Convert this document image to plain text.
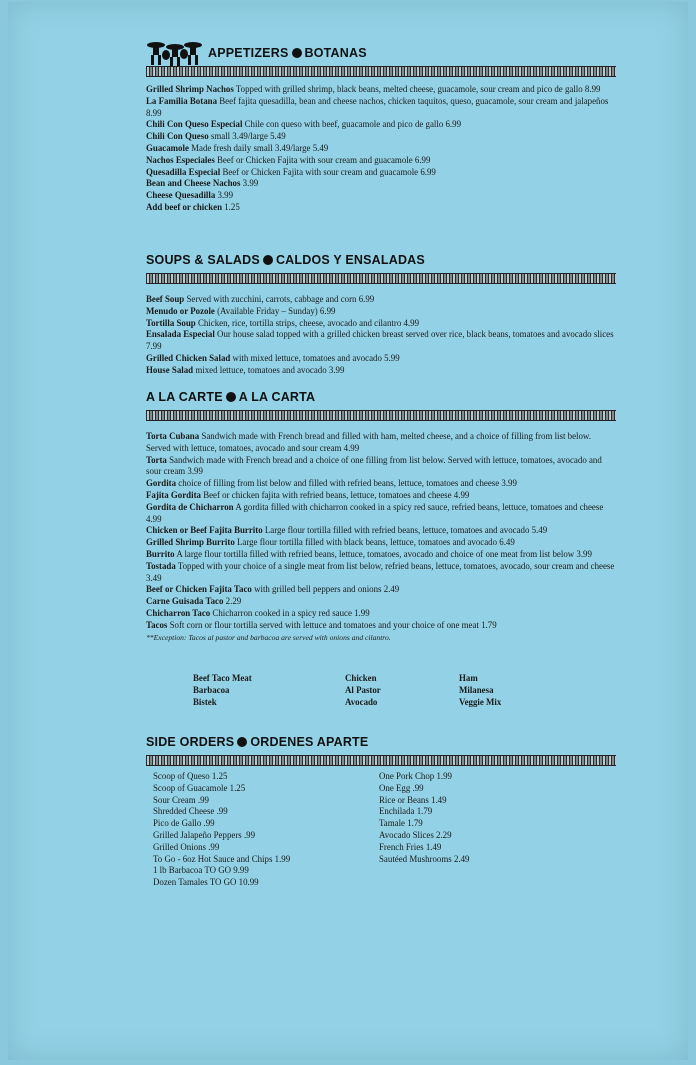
APPETIZERS BOTANAS

Grilled Shrimp Nachos Topped with grilled shrimp, black beans, melted cheese, guacamole, sour cream and pico de gallo 8.99

La Familia Botana Beef fajita quesadilla, bean and cheese nachos, chicken taquitos, queso, guacamole, sour cream and jalapeños 8.99

Chili Con Queso Especial Chile con queso with beef, guacamole and pico de gallo 6.99

Chili Con Queso small 3.49/large 5.49

Guacamole Made fresh daily small 3.49/large 5.49

Nachos Especiales Beef or Chicken Fajita with sour cream and guacamole 6.99

Quesadilla Especial Beef or Chicken Fajita with sour cream and guacamole 6.99

Bean and Cheese Nachos 3.99

Cheese Quesadilla 3.99

Add beef or chicken 1.25

SOUPS & SALADS CALDOS Y ENSALADAS

Beef Soup Served with zucchini, carrots, cabbage and corn 6.99

Menudo or Pozole (Available Friday – Sunday) 6.99

Tortilla Soup Chicken, rice, tortilla strips, cheese, avocado and cilantro 4.99

Ensalada Especial Our house salad topped with a grilled chicken breast served over rice, black beans, tomatoes and avocado slices 7.99

Grilled Chicken Salad with mixed lettuce, tomatoes and avocado 5.99

House Salad mixed lettuce, tomatoes and avocado 3.99

A LA CARTE A LA CARTA

Torta Cubana Sandwich made with French bread and filled with ham, melted cheese, and a choice of filling from list below. Served with lettuce, tomatoes, avocado and sour cream 4.99

Torta Sandwich made with French bread and a choice of one filling from list below. Served with lettuce, tomatoes, avocado and sour cream 3.99

Gordita choice of filling from list below and filled with refried beans, lettuce, tomatoes and cheese 3.99

Fajita Gordita Beef or chicken fajita with refried beans, lettuce, tomatoes and cheese 4.99

Gordita de Chicharron A gordita filled with chicharron cooked in a spicy red sauce, refried beans, lettuce, tomatoes and cheese 4.99

Chicken or Beef Fajita Burrito Large flour tortilla filled with refried beans, lettuce, tomatoes and avocado 5.49

Grilled Shrimp Burrito Large flour tortilla filled with black beans, lettuce, tomatoes and avocado 6.49

Burrito A large flour tortilla filled with refried beans, lettuce, tomatoes, avocado and choice of one meat from list below 3.99

Tostada Topped with your choice of a single meat from list below, refried beans, lettuce, tomatoes, avocado, sour cream and cheese 3.49

Beef or Chicken Fajita Taco with grilled bell peppers and onions 2.49

Carne Guisada Taco 2.29

Chicharron Taco Chicharron cooked in a spicy red sauce 1.99

Tacos Soft corn or flour tortilla served with lettuce and tomatoes and your choice of one meat 1.79

**Exception: Tacos al pastor and barbacoa are served with onions and cilantro.

Beef Taco Meat	Chicken	Ham
Barbacoa	Al Pastor	Milanesa
Bistek	Avocado	Veggie Mix
SIDE ORDERS ORDENES APARTE

Scoop of Queso 1.25

Scoop of Guacamole 1.25

Sour Cream .99

Shredded Cheese .99

Pico de Gallo .99

Grilled Jalapeño Peppers .99

Grilled Onions .99

To Go - 6oz Hot Sauce and Chips 1.99

1 lb Barbacoa TO GO 9.99

Dozen Tamales TO GO 10.99

One Pork Chop 1.99

One Egg .99

Rice or Beans 1.49

Enchilada 1.79

Tamale 1.79

Avocado Slices 2.29

French Fries 1.49

Sautéed Mushrooms 2.49
